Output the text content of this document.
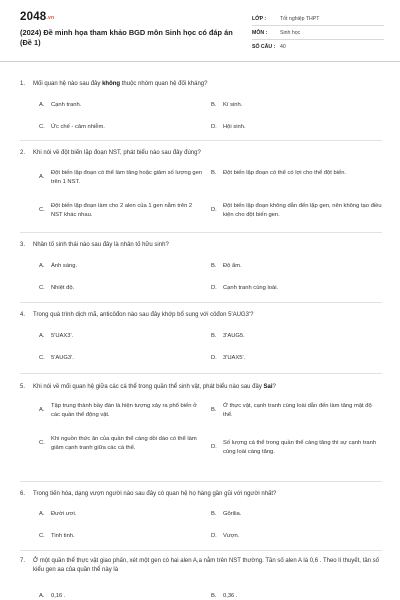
2048.vn
(2024) Đề minh họa tham khảo BGD môn Sinh học có đáp án (Đề 1)
LỚP :	Tốt nghiệp THPT
MÔN :	Sinh học
SỐ CÂU : 40
1.	Mối quan hệ nào sau đây không thuộc nhóm quan hệ đối kháng?
A.	Cạnh tranh.	B.	Kí sinh.
C.	Ức chế - cảm nhiễm.	D.	Hội sinh.
2.	Khi nói về đột biến lặp đoạn NST, phát biểu nào sau đây đúng?
A.
Đột biến lặp đoạn có thể làm tăng hoặc giảm số lượng gen trên 1 NST.
B.	Đột biến lặp đoạn có thể có lợi cho thể đột biến.
C.
Đột biến lặp đoạn làm cho 2 alen của 1 gen nằm trên 2 NST khác nhau.
D.
Đột biến lặp đoạn không dẫn đến lặp gen, nên không tạo điều kiện cho đột biến gen.
3.	Nhân tố sinh thái nào sau đây là nhân tố hữu sinh?
A.	Ánh sáng.	B.	Độ ẩm.
C.	Nhiệt độ.	D.	Cạnh tranh cùng loài.
4.	Trong quá trình dịch mã, anticôđon nào sau đây khớp bổ sung với côđon 5'AUG3'?
A.	5'UAX3'.	B.	3'AUG5.
C.	5'AUG3'.	D.	3'UAX5'.
5.	Khi nói về mối quan hệ giữa các cá thể trong quần thể sinh vật, phát biểu nào sau đây Sai?
A.
Tập trung thành bầy đàn là hiện tượng xảy ra phổ biến ở các quần thể động vật.
B.
Ở thực vật, cạnh tranh cùng loài dẫn đến làm tăng mật độ thể.
C.
Khi nguồn thức ăn của quần thể càng dồi dào có thể làm giảm cạnh tranh giữa các cá thể.	D.
Số lượng cá thể trong quần thể càng tăng thì sự cạnh tranh cùng loài càng tăng.
6.	Trong tiến hóa, dạng vượn người nào sau đây có quan hệ họ hàng gần gũi với người nhất?
A.	Đười ươi.	B.	Gôrilia.
C.	Tinh tinh.	D.	Vượn.
7.	Ở một quần thể thực vật giao phấn, xét một gen có hai alen A,a nằm trên NST thường. Tần số alen A là 0,6 . Theo lí thuyết, tần số kiểu gen aa của quần thể này là
A.	0,16 .	B.	0,36 .
